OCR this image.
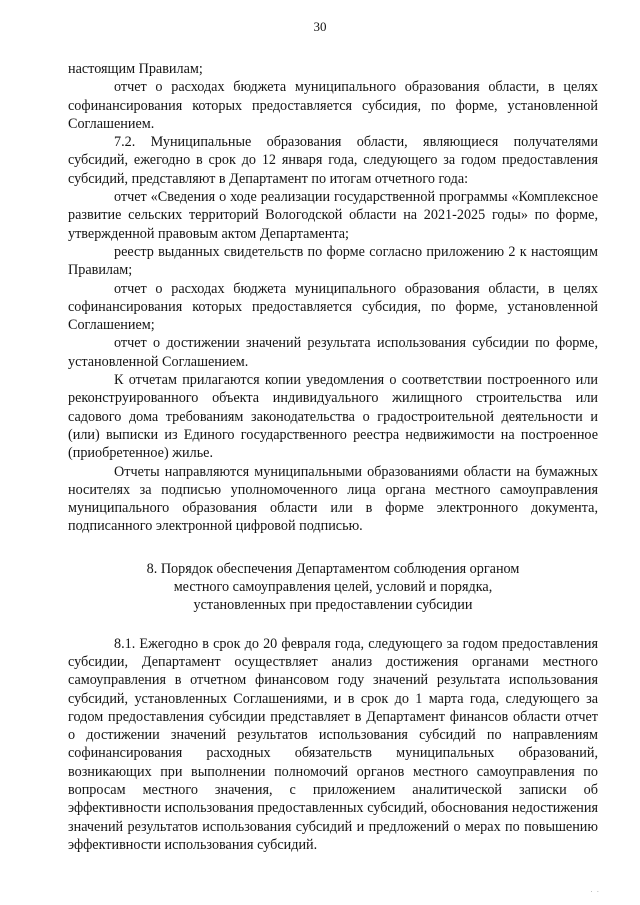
30

настоящим Правилам;

отчет о расходах бюджета муниципального образования области, в целях софинансирования которых предоставляется субсидия, по форме, установленной Соглашением.

7.2. Муниципальные образования области, являющиеся получателями субсидий, ежегодно в срок до 12 января года, следующего за годом предоставления субсидий, представляют в Департамент по итогам отчетного года:

отчет «Сведения о ходе реализации государственной программы «Комплексное развитие сельских территорий Вологодской области на 2021-2025 годы» по форме, утвержденной правовым актом Департамента;

реестр выданных свидетельств по форме согласно приложению 2 к настоящим Правилам;

отчет о расходах бюджета муниципального образования области, в целях софинансирования которых предоставляется субсидия, по форме, установленной Соглашением;

отчет о достижении значений результата использования субсидии по форме, установленной Соглашением.

К отчетам прилагаются копии уведомления о соответствии построенного или реконструированного объекта индивидуального жилищного строительства или садового дома требованиям законодательства о градостроительной деятельности и (или) выписки из Единого государственного реестра недвижимости на построенное (приобретенное) жилье.

Отчеты направляются муниципальными образованиями области на бумажных носителях за подписью уполномоченного лица органа местного самоуправления муниципального образования области или в форме электронного документа, подписанного электронной цифровой подписью.

8. Порядок обеспечения Департаментом соблюдения органом
местного самоуправления целей, условий и порядка,
установленных при предоставлении субсидии

8.1. Ежегодно в срок до 20 февраля года, следующего за годом предоставления субсидии, Департамент осуществляет анализ достижения органами местного самоуправления в отчетном финансовом году значений результата использования субсидий, установленных Соглашениями, и в срок до 1 марта года, следующего за годом предоставления субсидии представляет в Департамент финансов области отчет о достижении значений результатов использования субсидий по направлениям софинансирования расходных обязательств муниципальных образований, возникающих при выполнении полномочий органов местного самоуправления по вопросам местного значения, с приложением аналитической записки об эффективности использования предоставленных субсидий, обоснования недостижения значений результатов использования субсидий и предложений о мерах по повышению эффективности использования субсидий.

· ·
